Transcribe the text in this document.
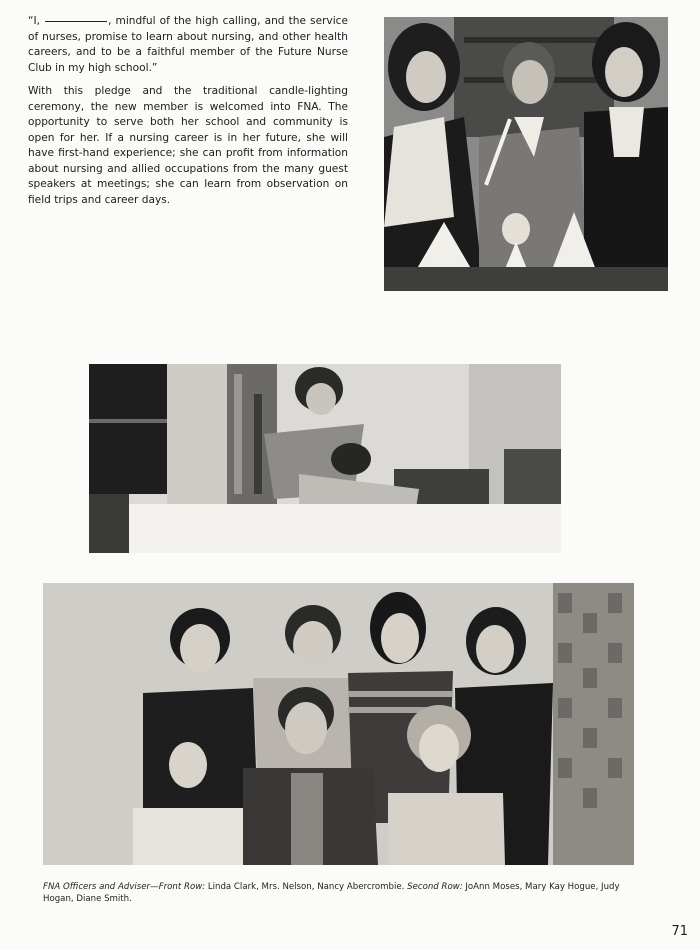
“I,	, mindful of the high calling, and the service of nurses, promise to learn about nursing, and other health careers, and to be a faithful member of the Future Nurse Club in my high school.”

With this pledge and the traditional candle-lighting ceremony, the new member is welcomed into FNA. The opportunity to serve both her school and community is open for her. If a nursing career is in her future, she will have first-hand experience; she can profit from information about nursing and allied occupations from the many guest speakers at meetings; she can learn from observation on field trips and career days.

FNA Officers and Adviser—Front Row: Linda Clark, Mrs. Nelson, Nancy Abercrombie. Second Row: JoAnn Moses, Mary Kay Hogue, Judy Hogan, Diane Smith.
71
